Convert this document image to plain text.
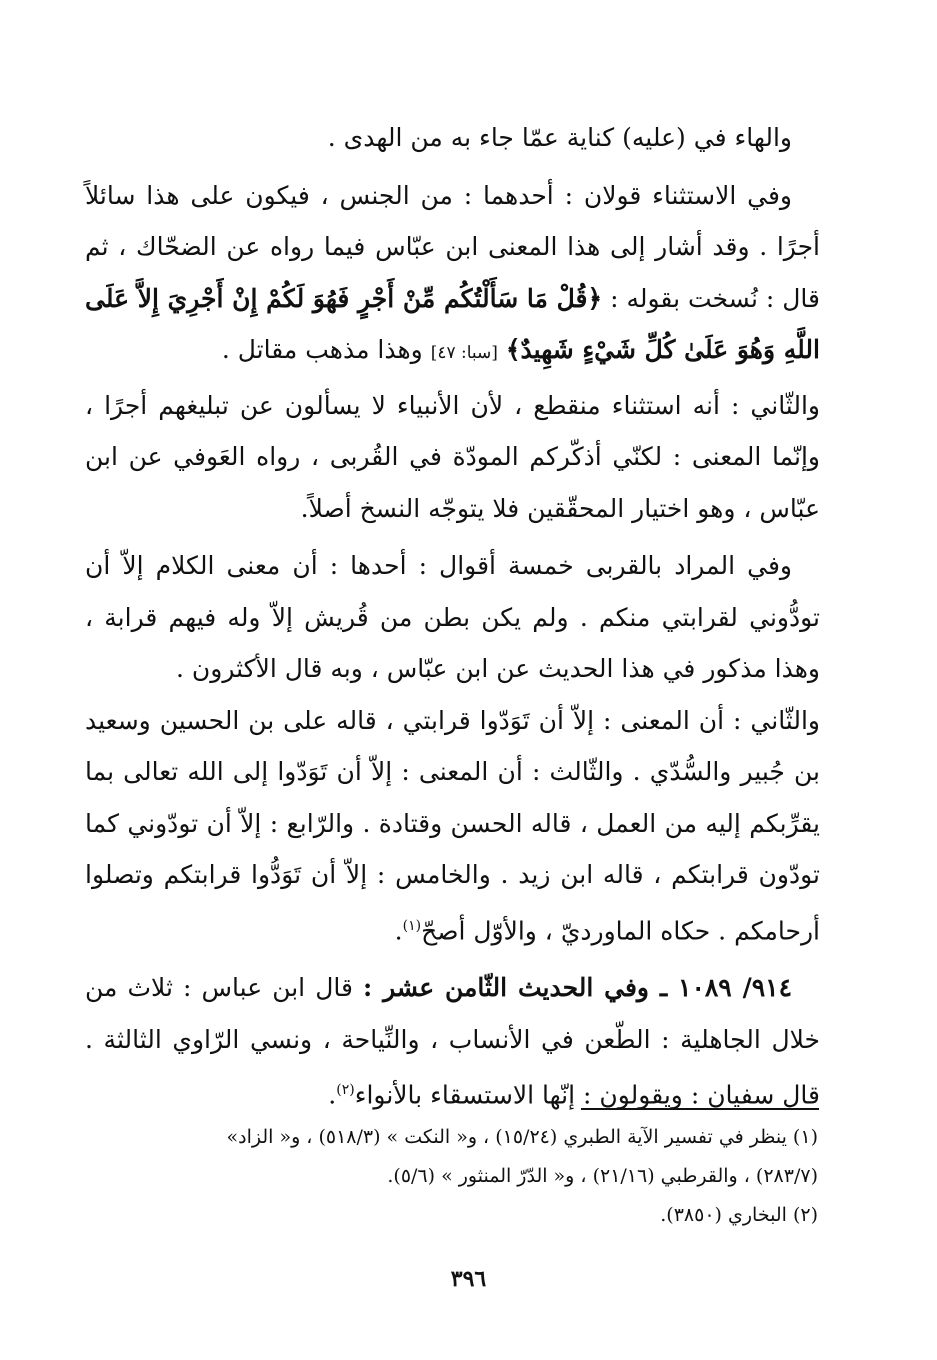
والهاء في (عليه) كناية عمّا جاء به من الهدى .

وفي الاستثناء قولان : أحدهما : من الجنس ، فيكون على هذا سائلاً أجرًا . وقد أشار إلى هذا المعنى ابن عبّاس فيما رواه عن الضحّاك ، ثم قال : نُسخت بقوله : ﴿قُلْ مَا سَأَلْتُكُم مِّنْ أَجْرٍ فَهُوَ لَكُمْ إِنْ أَجْرِيَ إِلاَّ عَلَى اللَّهِ وَهُوَ عَلَىٰ كُلِّ شَيْءٍ شَهِيدٌ﴾ [سبا: ٤٧] وهذا مذهب مقاتل .

والثّاني : أنه استثناء منقطع ، لأن الأنبياء لا يسألون عن تبليغهم أجرًا ، وإنّما المعنى : لكنّي أذكّركم المودّة في القُربى ، رواه العَوفي عن ابن عبّاس ، وهو اختيار المحقّقين فلا يتوجّه النسخ أصلاً.

وفي المراد بالقربى خمسة أقوال : أحدها : أن معنى الكلام إلاّ أن تودُّوني لقرابتي منكم . ولم يكن بطن من قُريش إلاّ وله فيهم قرابة ، وهذا مذكور في هذا الحديث عن ابن عبّاس ، وبه قال الأكثرون .

والثّاني : أن المعنى : إلاّ أن تَوَدّوا قرابتي ، قاله على بن الحسين وسعيد بن جُبير والسُّدّي . والثّالث : أن المعنى : إلاّ أن تَوَدّوا إلى الله تعالى بما يقرِّبكم إليه من العمل ، قاله الحسن وقتادة . والرّابع : إلاّ أن تودّوني كما تودّون قرابتكم ، قاله ابن زيد . والخامس : إلاّ أن تَوَدُّوا قرابتكم وتصلوا أرحامكم . حكاه الماورديّ ، والأوّل أصحّ$^{(١)}$.

٩١٤/ ١٠٨٩ ـ وفي الحديث الثّامن عشر : قال ابن عباس : ثلاث من خلال الجاهلية : الطّعن في الأنساب ، والنِّياحة ، ونسي الرّاوي الثالثة . قال سفيان : ويقولون : إنّها الاستسقاء بالأنواء$^{(٢)}$.

(١) ينظر في تفسير الآية الطبري (١٥/٢٤) ، و« النكت » (٥١٨/٣) ، و« الزاد»

(٢٨٣/٧) ، والقرطبي (٢١/١٦) ، و« الدّرّ المنثور » (٥/٦).

(٢) البخاري (٣٨٥٠).

٣٩٦
